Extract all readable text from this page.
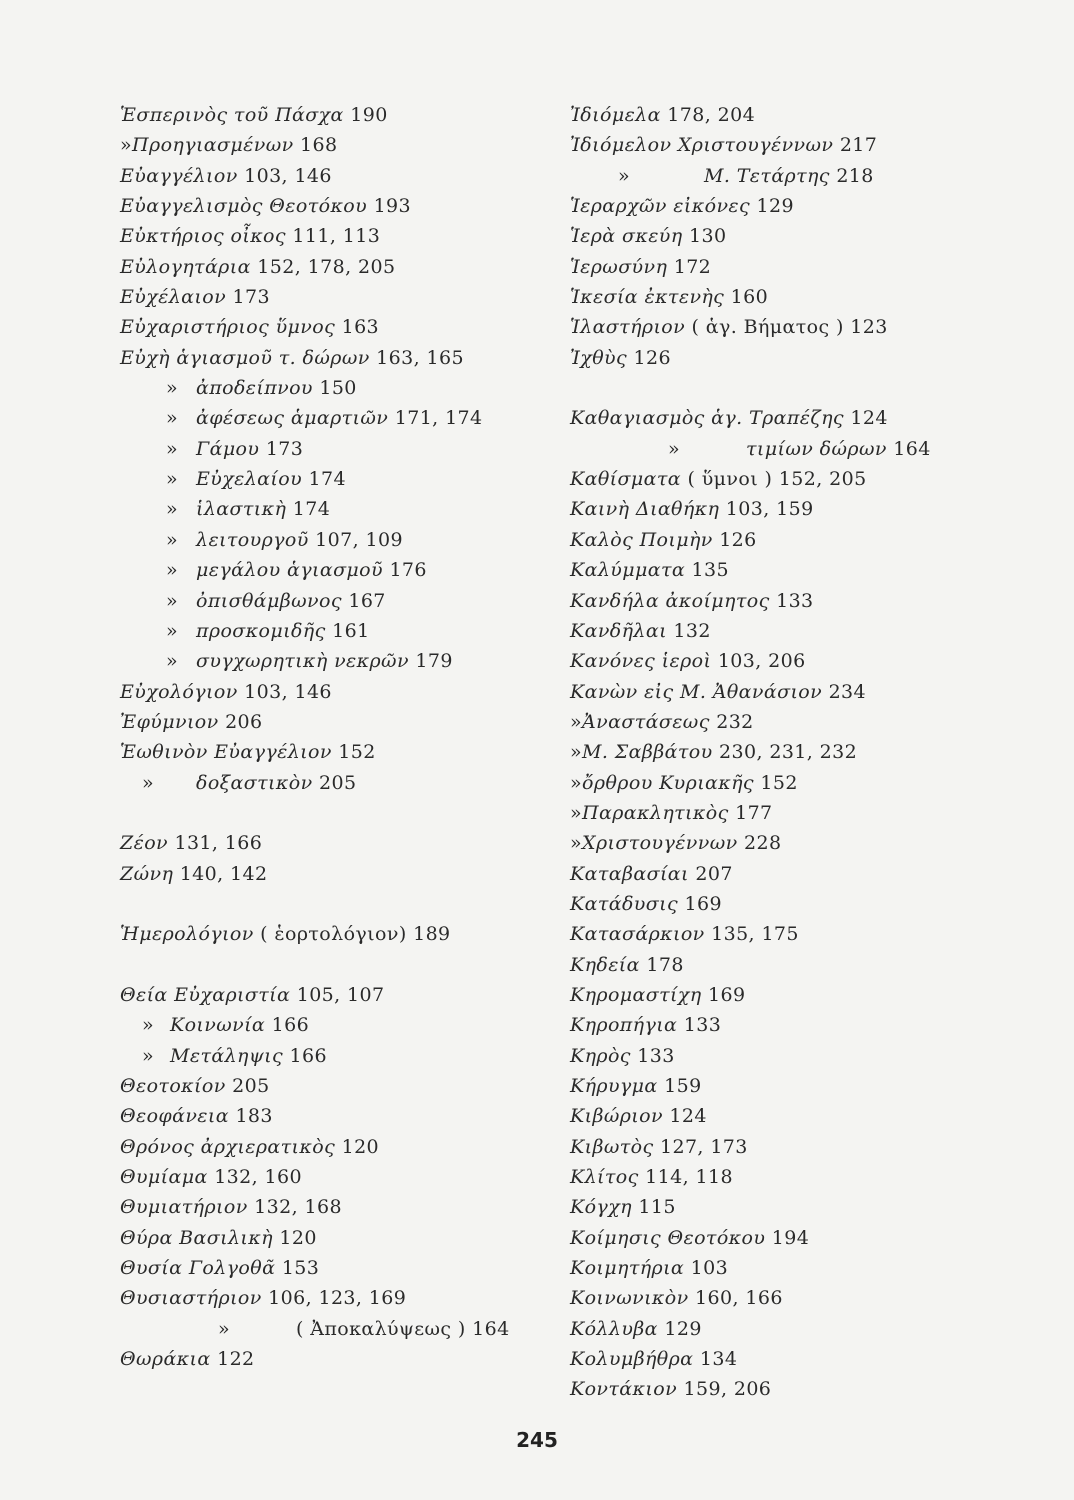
Ἑσπερινὸς τοῦ Πάσχα 190
»Προηγιασμένων 168
Εὐαγγέλιον 103, 146
Εὐαγγελισμὸς Θεοτόκου 193
Εὐκτήριος οἶκος 111, 113
Εὐλογητάρια 152, 178, 205
Εὐχέλαιον 173
Εὐχαριστήριος ὕμνος 163
Εὐχὴ ἁγιασμοῦ τ. δώρων 163, 165
» ἀποδείπνου 150
» ἀφέσεως ἁμαρτιῶν 171, 174
» Γάμου 173
» Εὐχελαίου 174
» ἱλαστικὴ 174
» λειτουργοῦ 107, 109
» μεγάλου ἁγιασμοῦ 176
» ὀπισθάμβωνος 167
» προσκομιδῆς 161
» συγχωρητικὴ νεκρῶν 179
Εὐχολόγιον 103, 146
Ἐφύμνιον 206
Ἑωθινὸν Εὐαγγέλιον 152
» δοξαστικὸν 205
Ζέον 131, 166
Ζώνη 140, 142
Ἡμερολόγιον ( ἑορτολόγιον) 189
Θεία Εὐχαριστία 105, 107
» Κοινωνία 166
» Μετάληψις 166
Θεοτοκίον 205
Θεοφάνεια 183
Θρόνος ἀρχιερατικὸς 120
Θυμίαμα 132, 160
Θυμιατήριον 132, 168
Θύρα Βασιλικὴ 120
Θυσία Γολγοθᾶ 153
Θυσιαστήριον 106, 123, 169
»	( Ἀποκαλύψεως ) 164
Θωράκια 122
Ἰδιόμελα 178, 204
Ἰδιόμελον Χριστουγέννων 217
»	Μ. Τετάρτης 218
Ἱεραρχῶν εἰκόνες 129
Ἱερὰ σκεύη 130
Ἱερωσύνη 172
Ἱκεσία ἐκτενὴς 160
Ἱλαστήριον ( ἁγ. Βήματος ) 123
Ἰχθὺς 126
Καθαγιασμὸς ἁγ. Τραπέζης 124
»	τιμίων δώρων 164
Καθίσματα ( ὕμνοι ) 152, 205
Καινὴ Διαθήκη 103, 159
Καλὸς Ποιμὴν 126
Καλύμματα 135
Κανδήλα ἀκοίμητος 133
Κανδῆλαι 132
Κανόνες ἱεροὶ 103, 206
Κανὼν εἰς Μ. Ἀθανάσιον 234
»Ἀναστάσεως 232
»Μ. Σαββάτου 230, 231, 232
»ὄρθρου Κυριακῆς 152
»Παρακλητικὸς 177
»Χριστουγέννων 228
Καταβασίαι 207
Κατάδυσις 169
Κατασάρκιον 135, 175
Κηδεία 178
Κηρομαστίχη 169
Κηροπήγια 133
Κηρὸς 133
Κήρυγμα 159
Κιβώριον 124
Κιβωτὸς 127, 173
Κλίτος 114, 118
Κόγχη 115
Κοίμησις Θεοτόκου 194
Κοιμητήρια 103
Κοινωνικὸν 160, 166
Κόλλυβα 129
Κολυμβήθρα 134
Κοντάκιον 159, 206
245
